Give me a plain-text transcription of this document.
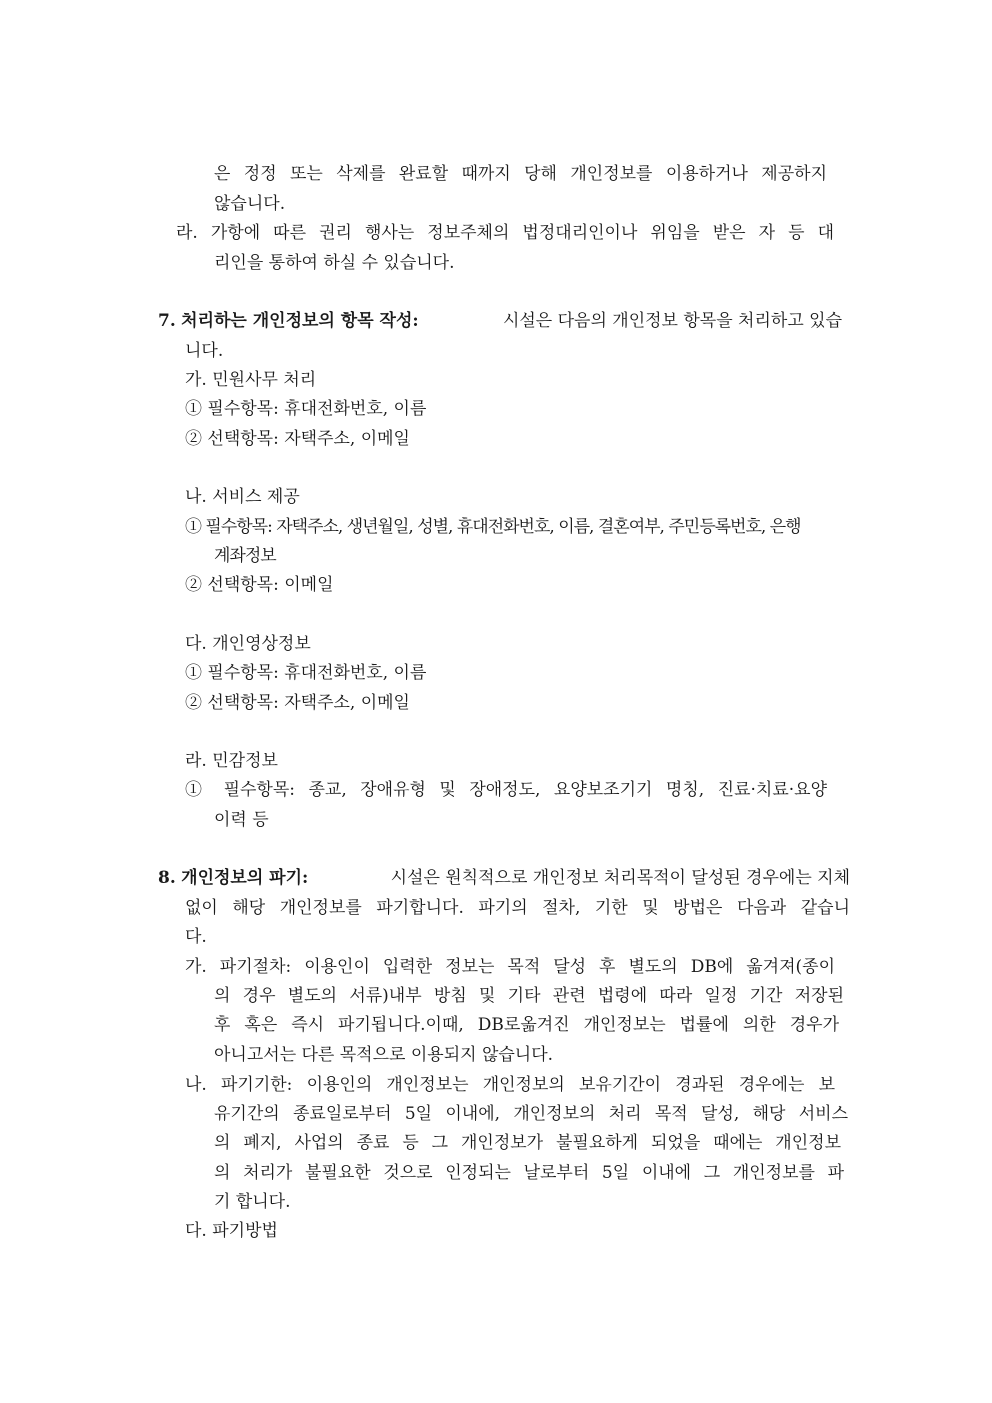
은 정정 또는 삭제를 완료할 때까지 당해 개인정보를 이용하거나 제공하지
않습니다.
라. 가항에 따른 권리 행사는 정보주체의 법정대리인이나 위임을 받은 자 등 대
리인을 통하여 하실 수 있습니다.
7. 처리하는 개인정보의 항목 작성:	시설은 다음의 개인정보 항목을 처리하고 있습
니다.
가. 민원사무 처리
① 필수항목: 휴대전화번호, 이름
② 선택항목: 자택주소, 이메일
나. 서비스 제공
① 필수항목: 자택주소, 생년월일, 성별, 휴대전화번호, 이름, 결혼여부, 주민등록번호, 은행
계좌정보
② 선택항목: 이메일
다. 개인영상정보
① 필수항목: 휴대전화번호, 이름
② 선택항목: 자택주소, 이메일
라. 민감정보
① 필수항목: 종교, 장애유형 및 장애정도, 요양보조기기 명칭, 진료·치료·요양
이력 등
8. 개인정보의 파기:	시설은 원칙적으로 개인정보 처리목적이 달성된 경우에는 지체
없이 해당 개인정보를 파기합니다. 파기의 절차, 기한 및 방법은 다음과 같습니
다.
가. 파기절차: 이용인이 입력한 정보는 목적 달성 후 별도의 DB에 옮겨져(종이
의 경우 별도의 서류)내부 방침 및 기타 관련 법령에 따라 일정 기간 저장된
후 혹은 즉시 파기됩니다.이때, DB로옮겨진 개인정보는 법률에 의한 경우가
아니고서는 다른 목적으로 이용되지 않습니다.
나. 파기기한: 이용인의 개인정보는 개인정보의 보유기간이 경과된 경우에는 보
유기간의 종료일로부터 5일 이내에, 개인정보의 처리 목적 달성, 해당 서비스
의 폐지, 사업의 종료 등 그 개인정보가 불필요하게 되었을 때에는 개인정보
의 처리가 불필요한 것으로 인정되는 날로부터 5일 이내에 그 개인정보를 파
기 합니다.
다. 파기방법
